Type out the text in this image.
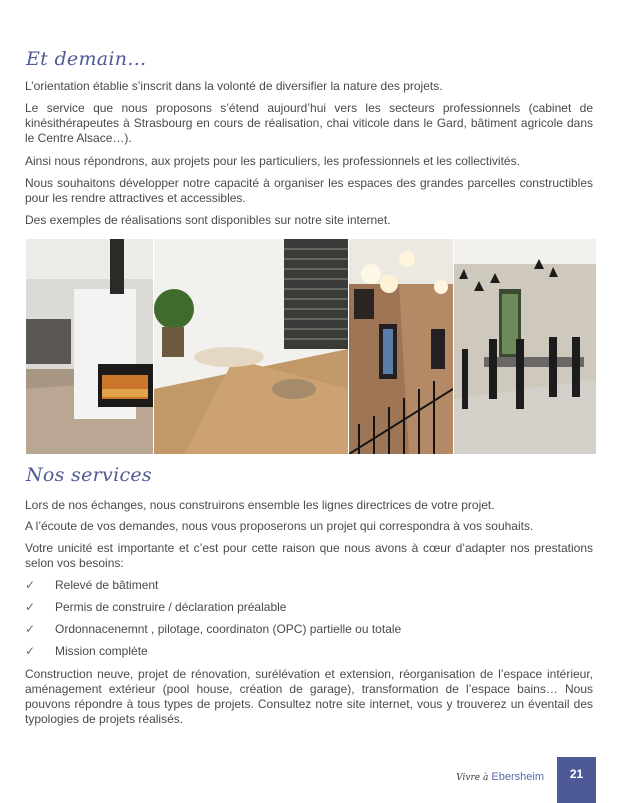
Et demain…

L’orientation établie s’inscrit dans la volonté de diversifier la nature des projets.

Le service que nous proposons s’étend aujourd’hui vers les secteurs professionnels (cabinet de kinésithérapeutes à Strasbourg en cours de réalisation, chai viticole dans le Gard, bâtiment agricole dans le Centre Alsace…).

Ainsi nous répondrons, aux projets pour les particuliers, les professionnels et les collectivités.

Nous souhaitons développer notre capacité à organiser les espaces des grandes parcelles constructibles pour les rendre attractives et accessibles.

Des exemples de réalisations sont disponibles sur notre site internet.

Nos services

Lors de nos échanges, nous construirons ensemble les lignes directrices de votre projet.

A l’écoute de vos demandes, nous vous proposerons un projet qui correspondra à vos souhaits.

Votre unicité est importante et c’est pour cette raison que nous avons à cœur d’adapter nos prestations selon vos besoins:

✓ Relevé de bâtiment
✓ Permis de construire / déclaration préalable
✓ Ordonnacenemnt , pilotage, coordinaton (OPC) partielle ou totale
✓ Mission complète

Construction neuve, projet de rénovation, surélévation et extension, réorganisation de l’espace intérieur, aménagement extérieur (pool house, création de garage), transformation de l’espace bains… Nous pouvons répondre à tous types de projets. Consultez notre site internet, vous y trouverez un éventail des typologies de projets réalisés.

Vivre à Ebersheim	21
